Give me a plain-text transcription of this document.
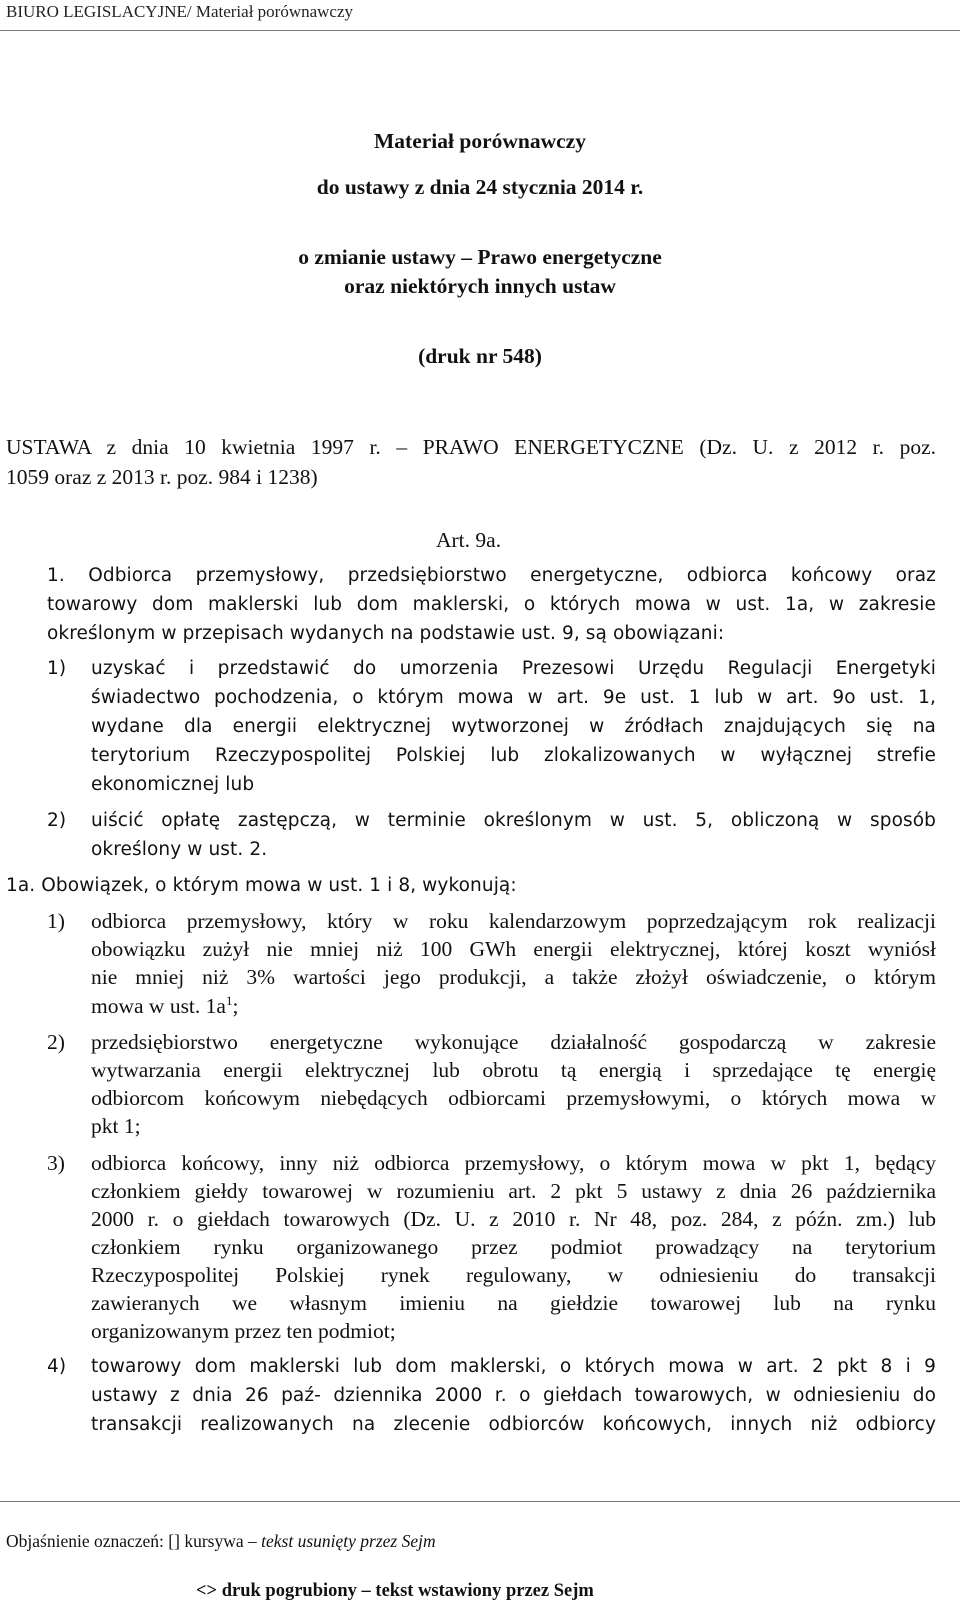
BIURO LEGISLACYJNE/ Materiał porównawczy
Materiał porównawczy
do ustawy z dnia 24 stycznia 2014 r.
o zmianie ustawy – Prawo energetyczne
oraz niektórych innych ustaw
(druk nr 548)
USTAWA z dnia 10 kwietnia 1997 r. – PRAWO ENERGETYCZNE (Dz. U. z 2012 r. poz.
1059 oraz z 2013 r. poz. 984 i 1238)
Art. 9a.
1. Odbiorca przemysłowy, przedsiębiorstwo energetyczne, odbiorca końcowy oraz
towarowy dom maklerski lub dom maklerski, o których mowa w ust. 1a, w zakresie
określonym w przepisach wydanych na podstawie ust. 9, są obowiązani:
1) uzyskać i przedstawić do umorzenia Prezesowi Urzędu Regulacji Energetyki
świadectwo pochodzenia, o którym mowa w art. 9e ust. 1 lub w art. 9o ust. 1,
wydane dla energii elektrycznej wytworzonej w źródłach znajdujących się na
terytorium Rzeczypospolitej Polskiej lub zlokalizowanych w wyłącznej strefie
ekonomicznej lub
2) uiścić opłatę zastępczą, w terminie określonym w ust. 5, obliczoną w sposób
określony w ust. 2.
1a. Obowiązek, o którym mowa w ust. 1 i 8, wykonują:
1) odbiorca przemysłowy, który w roku kalendarzowym poprzedzającym rok realizacji
obowiązku zużył nie mniej niż 100 GWh energii elektrycznej, której koszt wyniósł
nie mniej niż 3% wartości jego produkcji, a także złożył oświadczenie, o którym
mowa w ust. $1a^1$;
2) przedsiębiorstwo energetyczne wykonujące działalność gospodarczą w zakresie
wytwarzania energii elektrycznej lub obrotu tą energią i sprzedające tę energię
odbiorcom końcowym niebędących odbiorcami przemysłowymi, o których mowa w
pkt 1;
3) odbiorca końcowy, inny niż odbiorca przemysłowy, o którym mowa w pkt 1, będący
członkiem giełdy towarowej w rozumieniu art. 2 pkt 5 ustawy z dnia 26 października
2000 r. o giełdach towarowych (Dz. U. z 2010 r. Nr 48, poz. 284, z późn. zm.) lub
członkiem rynku organizowanego przez podmiot prowadzący na terytorium
Rzeczypospolitej Polskiej rynek regulowany, w odniesieniu do transakcji
zawieranych we własnym imieniu na giełdzie towarowej lub na rynku
organizowanym przez ten podmiot;
4) towarowy dom maklerski lub dom maklerski, o których mowa w art. 2 pkt 8 i 9
ustawy z dnia 26 paź- dziennika 2000 r. o giełdach towarowych, w odniesieniu do
transakcji realizowanych na zlecenie odbiorców końcowych, innych niż odbiorcy
Objaśnienie oznaczeń: [] kursywa – tekst usunięty przez Sejm
<> druk pogrubiony – tekst wstawiony przez Sejm
